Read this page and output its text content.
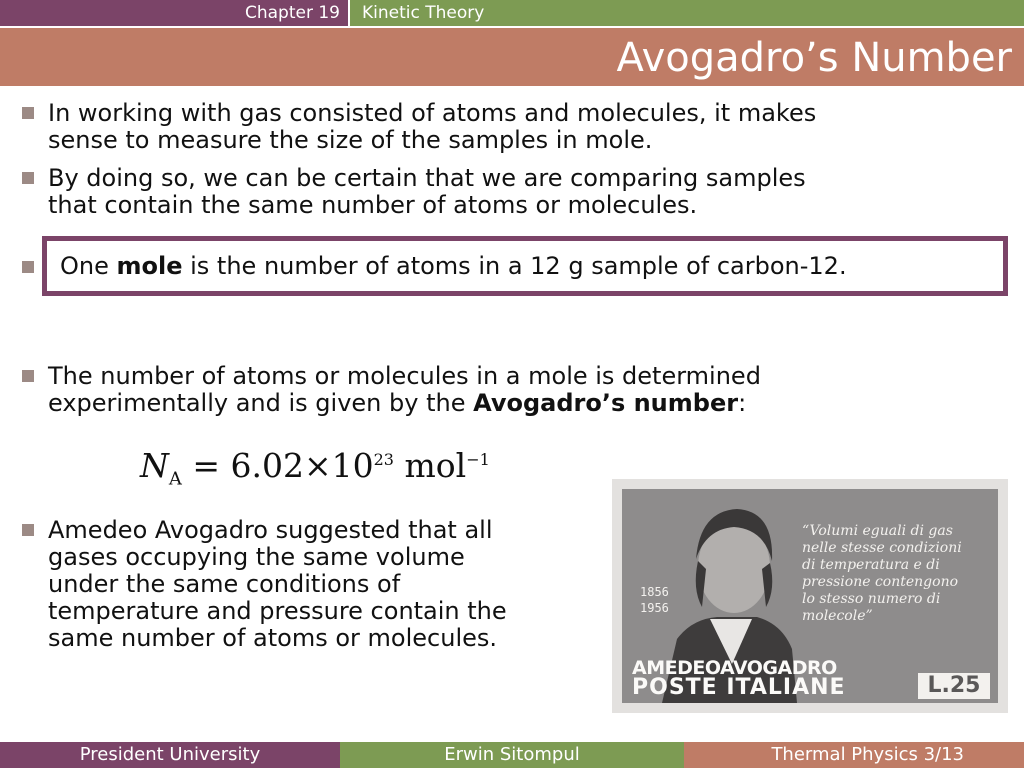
Chapter 19	Kinetic Theory
Avogadro’s Number
In working with gas consisted of atoms and molecules, it makes
sense to measure the size of the samples in mole.
By doing so, we can be certain that we are comparing samples
that contain the same number of atoms or molecules.
One mole is the number of atoms in a 12 g sample of carbon-12.
The number of atoms or molecules in a mole is determined
experimentally and is given by the Avogadro’s number:
$N_A = 6.02\times 10^{23}$ mol$^{-1}$
Amedeo Avogadro suggested that all
gases occupying the same volume
under the same conditions of
temperature and pressure contain the
same number of atoms or molecules.
“Volumi eguali di gas
nelle stesse condizioni
di temperatura e di
pressione contengono
lo stesso numero di
molecole”
1856
1956
AMEDEOAVOGADRO
POSTE ITALIANE	L.25
President University	Erwin Sitompul	Thermal Physics 3/13
